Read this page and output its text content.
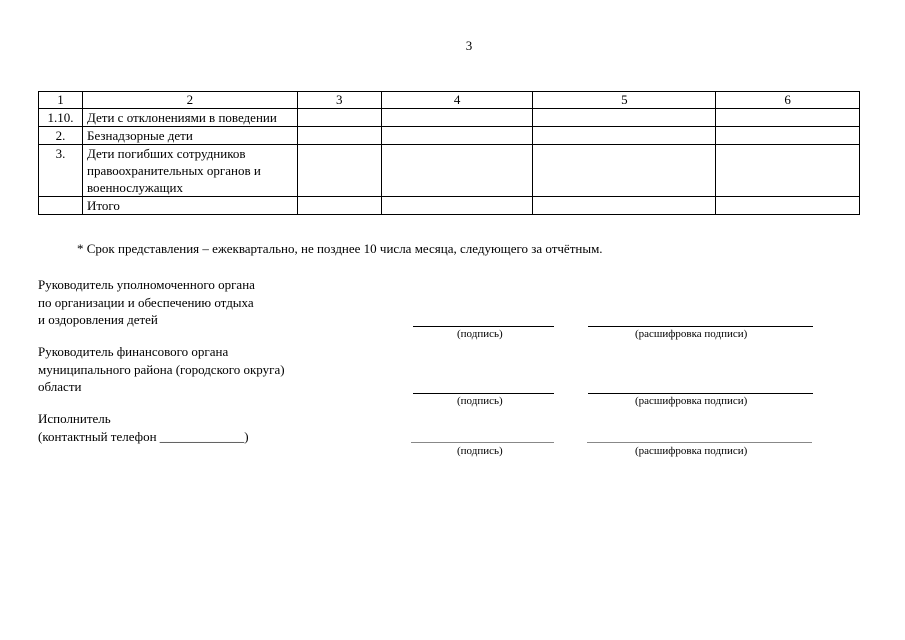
3
1	2	3	4	5	6
1.10.	Дети с отклонениями в поведении				
2.	Безнадзорные дети				
3.	Дети погибших сотрудников правоохранительных органов и военнослужащих				
	Итого				
* Срок представления – ежеквартально, не позднее 10 числа месяца, следующего за отчётным.
Руководитель уполномоченного органа
по организации и обеспечению отдыха
и оздоровления детей
(подпись)	(расшифровка подписи)
Руководитель финансового органа
муниципального района (городского округа)
области
(подпись)	(расшифровка подписи)
Исполнитель
(контактный телефон _____________)
(подпись)	(расшифровка подписи)
